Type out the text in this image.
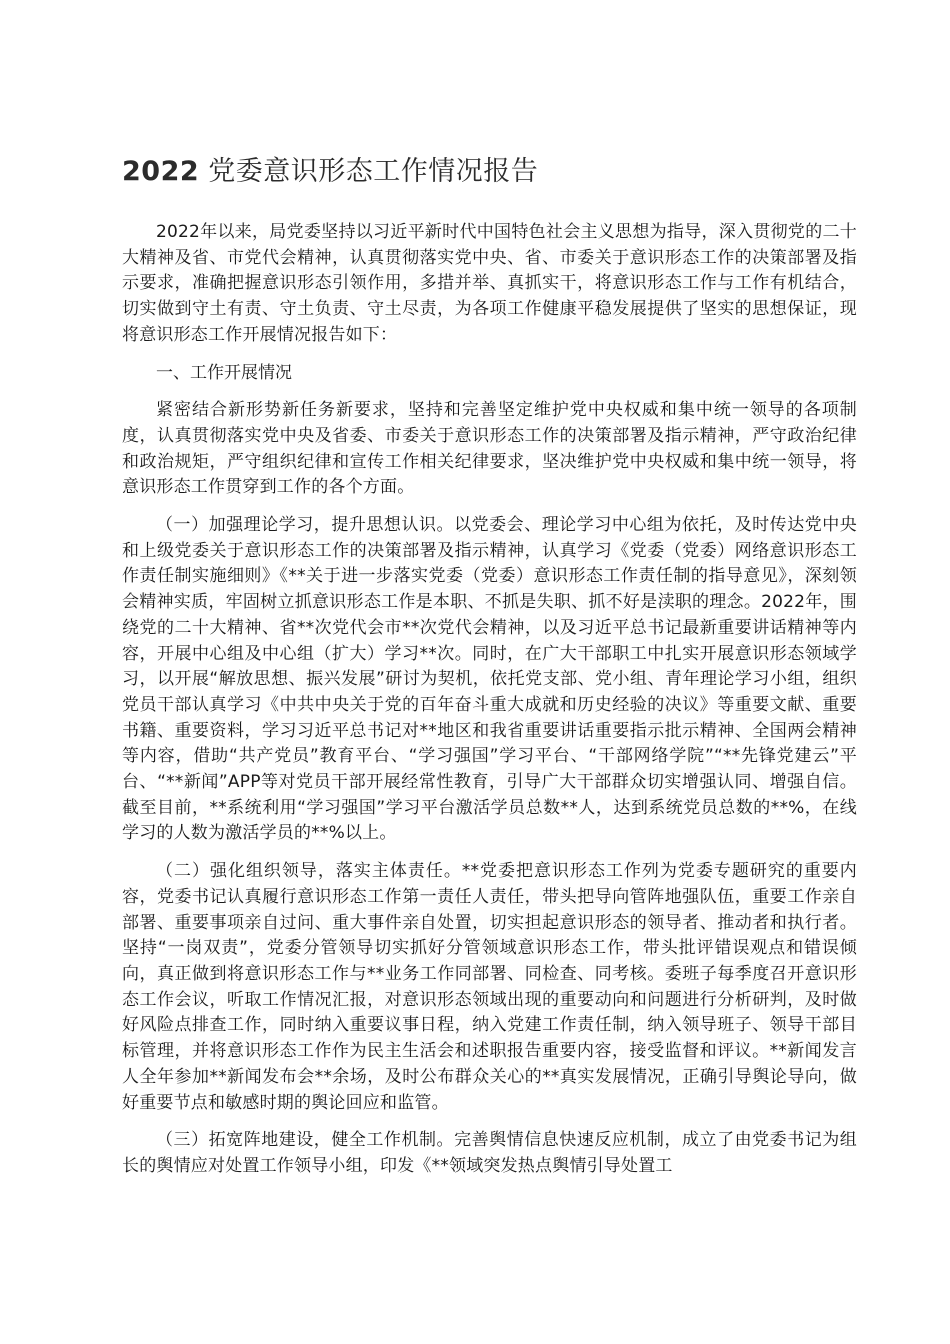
2022 党委意识形态工作情况报告

2022年以来，局党委坚持以习近平新时代中国特色社会主义思想为指导，深入贯彻党的二十大精神及省、市党代会精神，认真贯彻落实党中央、省、市委关于意识形态工作的决策部署及指示要求，准确把握意识形态引领作用，多措并举、真抓实干，将意识形态工作与工作有机结合，切实做到守土有责、守土负责、守土尽责，为各项工作健康平稳发展提供了坚实的思想保证，现将意识形态工作开展情况报告如下：

一、工作开展情况

紧密结合新形势新任务新要求，坚持和完善坚定维护党中央权威和集中统一领导的各项制度，认真贯彻落实党中央及省委、市委关于意识形态工作的决策部署及指示精神，严守政治纪律和政治规矩，严守组织纪律和宣传工作相关纪律要求，坚决维护党中央权威和集中统一领导，将意识形态工作贯穿到工作的各个方面。

（一）加强理论学习，提升思想认识。以党委会、理论学习中心组为依托，及时传达党中央和上级党委关于意识形态工作的决策部署及指示精神，认真学习《党委（党委）网络意识形态工作责任制实施细则》《**关于进一步落实党委（党委）意识形态工作责任制的指导意见》，深刻领会精神实质，牢固树立抓意识形态工作是本职、不抓是失职、抓不好是渎职的理念。2022年，围绕党的二十大精神、省**次党代会市**次党代会精神，以及习近平总书记最新重要讲话精神等内容，开展中心组及中心组（扩大）学习**次。同时，在广大干部职工中扎实开展意识形态领域学习，以开展“解放思想、振兴发展”研讨为契机，依托党支部、党小组、青年理论学习小组，组织党员干部认真学习《中共中央关于党的百年奋斗重大成就和历史经验的决议》等重要文献、重要书籍、重要资料，学习习近平总书记对**地区和我省重要讲话重要指示批示精神、全国两会精神等内容，借助“共产党员”教育平台、“学习强国”学习平台、“干部网络学院”“**先锋党建云”平台、“**新闻”APP等对党员干部开展经常性教育，引导广大干部群众切实增强认同、增强自信。截至目前，**系统利用“学习强国”学习平台激活学员总数**人，达到系统党员总数的**%，在线学习的人数为激活学员的**%以上。

（二）强化组织领导，落实主体责任。**党委把意识形态工作列为党委专题研究的重要内容，党委书记认真履行意识形态工作第一责任人责任，带头把导向管阵地强队伍，重要工作亲自部署、重要事项亲自过问、重大事件亲自处置，切实担起意识形态的领导者、推动者和执行者。坚持“一岗双责”，党委分管领导切实抓好分管领域意识形态工作，带头批评错误观点和错误倾向，真正做到将意识形态工作与**业务工作同部署、同检查、同考核。委班子每季度召开意识形态工作会议，听取工作情况汇报，对意识形态领域出现的重要动向和问题进行分析研判，及时做好风险点排查工作，同时纳入重要议事日程，纳入党建工作责任制，纳入领导班子、领导干部目标管理，并将意识形态工作作为民主生活会和述职报告重要内容，接受监督和评议。**新闻发言人全年参加**新闻发布会**余场，及时公布群众关心的**真实发展情况，正确引导舆论导向，做好重要节点和敏感时期的舆论回应和监管。

（三）拓宽阵地建设，健全工作机制。完善舆情信息快速反应机制，成立了由党委书记为组长的舆情应对处置工作领导小组，印发《**领域突发热点舆情引导处置工
